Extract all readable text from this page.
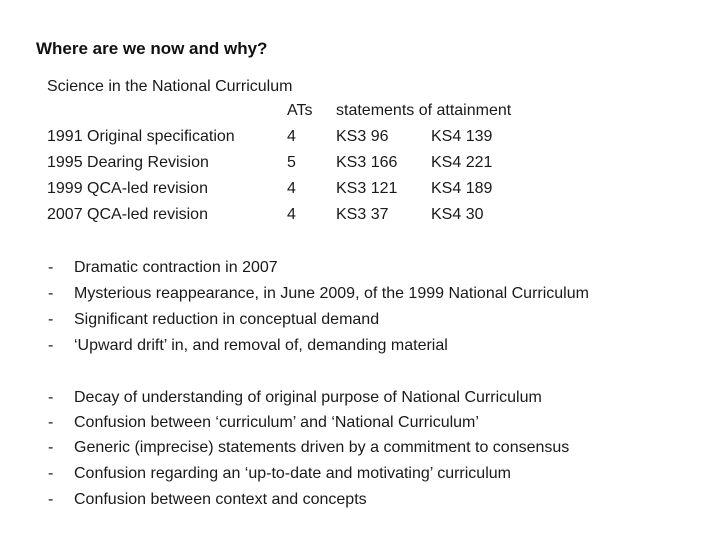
Where are we now and why?
Science in the National Curriculum
ATs statements of attainment
1991 Original specification	4	KS3 96	KS4 139
1995 Dearing Revision	5	KS3 166 KS4 221
1999 QCA-led revision	4	KS3 121 KS4 189
2007 QCA-led revision	4	KS3 37	KS4 30
- Dramatic contraction in 2007
- Mysterious reappearance, in June 2009, of the 1999 National Curriculum
- Significant reduction in conceptual demand
- ‘Upward drift’ in, and removal of, demanding material
- Decay of understanding of original purpose of National Curriculum
- Confusion between ‘curriculum’ and ‘National Curriculum’
- Generic (imprecise) statements driven by a commitment to consensus
- Confusion regarding an ‘up-to-date and motivating’ curriculum
- Confusion between context and concepts
